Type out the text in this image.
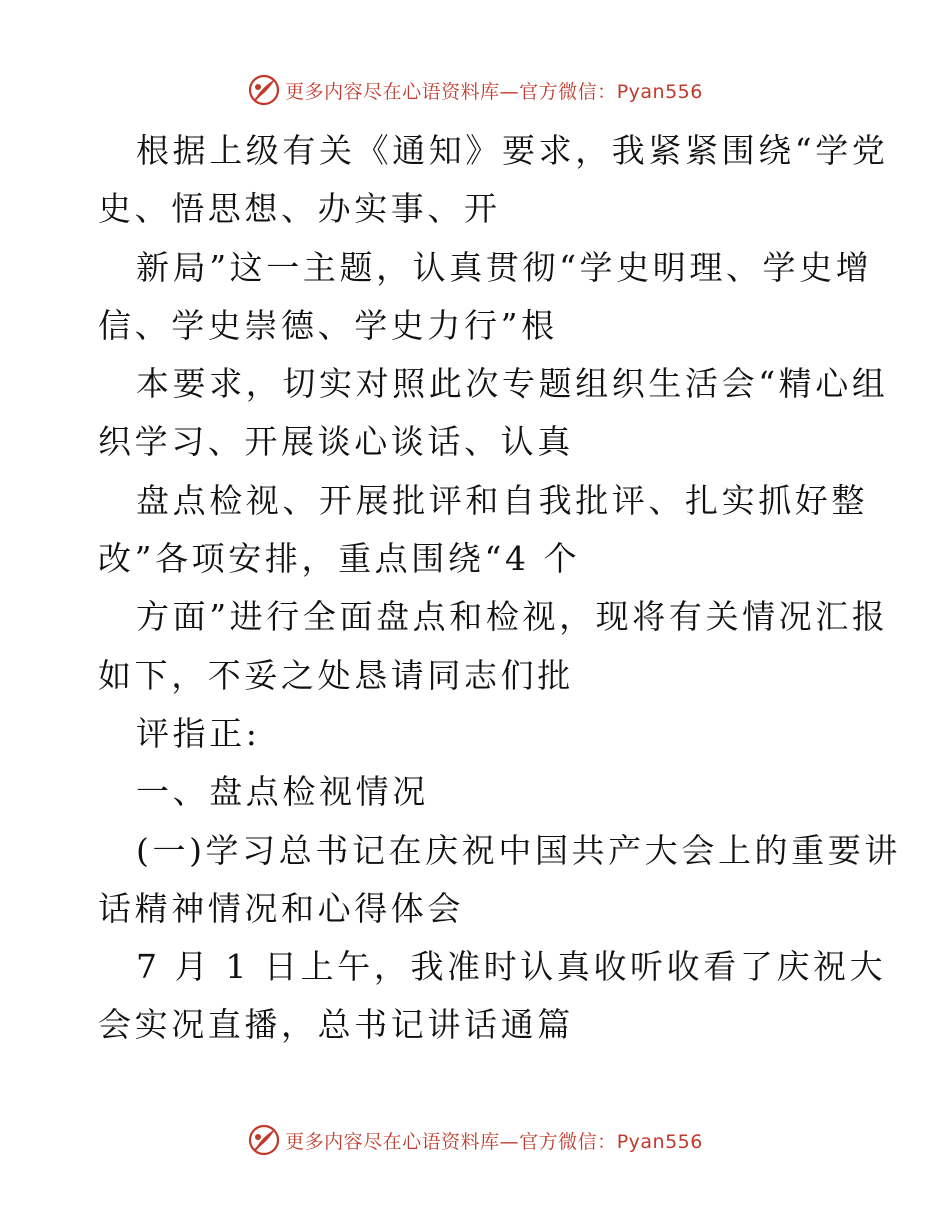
更多内容尽在心语资料库—官方微信：Pyan556
根据上级有关《通知》要求，我紧紧围绕“学党
史、悟思想、办实事、开
新局”这一主题，认真贯彻“学史明理、学史增
信、学史崇德、学史力行”根
本要求，切实对照此次专题组织生活会“精心组
织学习、开展谈心谈话、认真
盘点检视、开展批评和自我批评、扎实抓好整
改”各项安排，重点围绕“4 个
方面”进行全面盘点和检视，现将有关情况汇报
如下，不妥之处恳请同志们批
评指正:
一、盘点检视情况
(一)学习总书记在庆祝中国共产大会上的重要讲
话精神情况和心得体会
7 月 1 日上午，我准时认真收听收看了庆祝大
会实况直播，总书记讲话通篇
更多内容尽在心语资料库—官方微信：Pyan556
